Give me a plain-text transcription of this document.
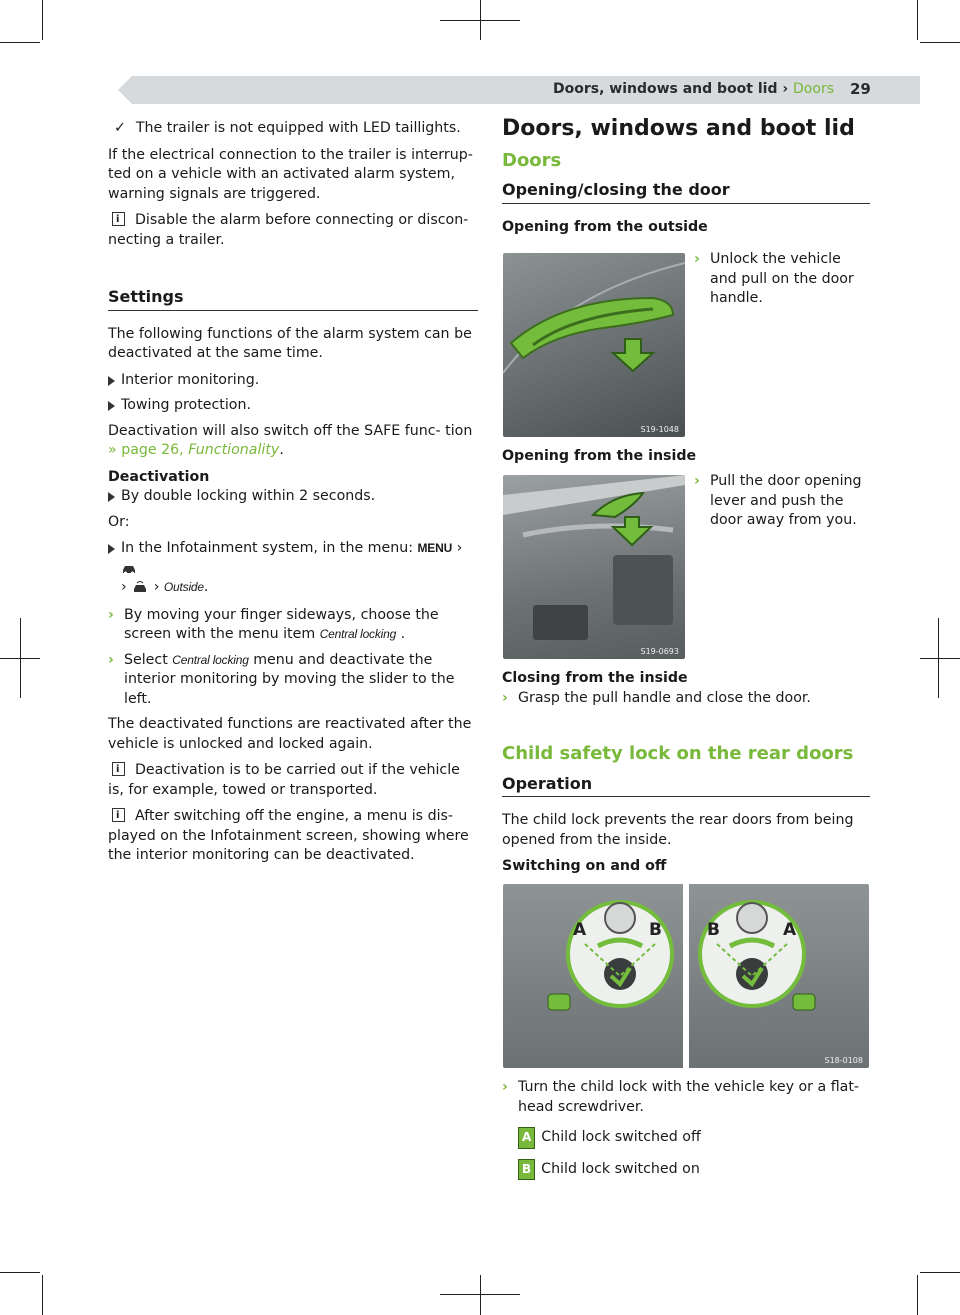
Doors, windows and boot lid › Doors 29

✓ The trailer is not equipped with LED taillights.

If the electrical connection to the trailer is interrup- ted on a vehicle with an activated alarm system, warning signals are triggered.

iDisable the alarm before connecting or discon- necting a trailer.

Settings

The following functions of the alarm system can be deactivated at the same time.

Interior monitoring.
Towing protection.

Deactivation will also switch off the SAFE func- tion » page 26, Functionality.

Deactivation
By double locking within 2 seconds.

Or:

In the Infotainment system, in the menu: MENU ›
› › Outside.
› By moving your finger sideways, choose the screen with the menu item Central locking .
› Select Central locking menu and deactivate the interior monitoring by moving the slider to the left.

The deactivated functions are reactivated after the vehicle is unlocked and locked again.

iDeactivation is to be carried out if the vehicle is, for example, towed or transported.

iAfter switching off the engine, a menu is dis- played on the Infotainment screen, showing where the interior monitoring can be deactivated.

Doors, windows and boot lid
Doors
Opening/closing the door
Opening from the outside
› Unlock the vehicle and pull on the door handle.
S19-1048
Opening from the inside
› Pull the door opening lever and push the door away from you.
S19-0693
Closing from the inside
› Grasp the pull handle and close the door.
Child safety lock on the rear doors
Operation

The child lock prevents the rear doors from being opened from the inside.

Switching on and off
A	B	B	A
S18-0108
› Turn the child lock with the vehicle key or a flat- head screwdriver.

A Child lock switched off

B Child lock switched on
